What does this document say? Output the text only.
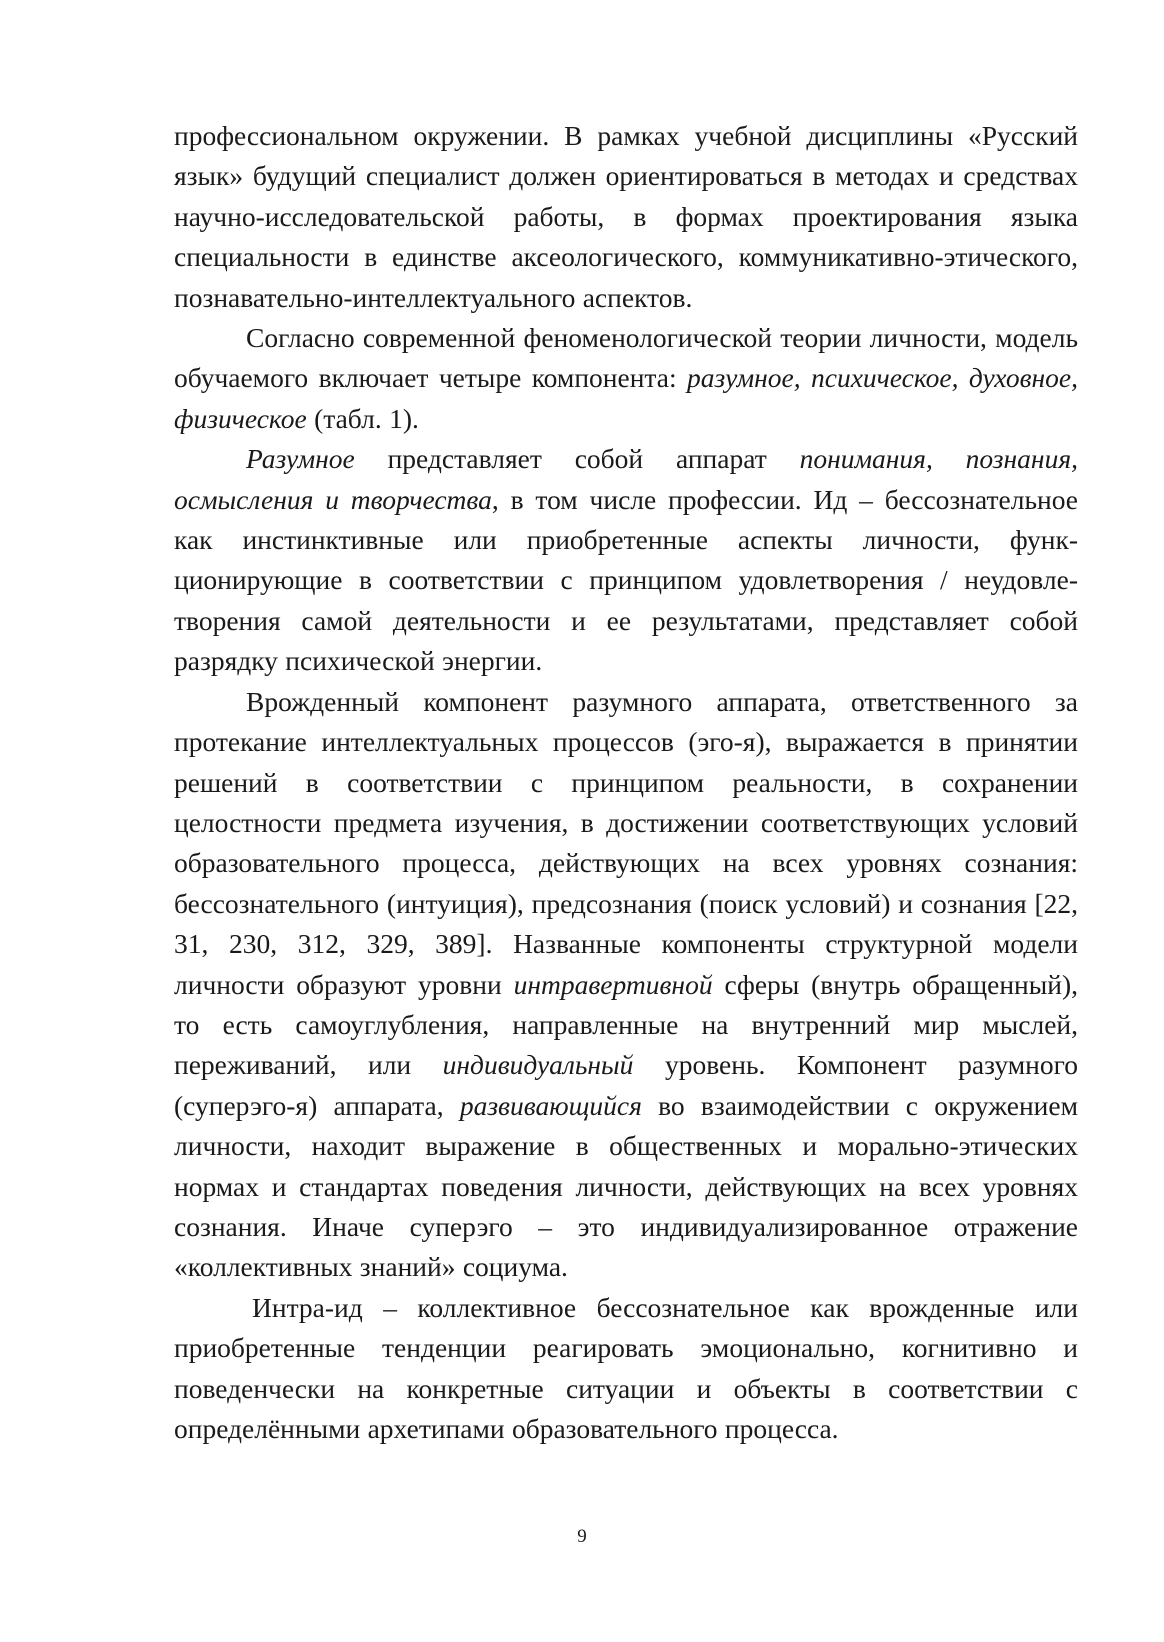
профессиональном окружении. В рамках учебной дисциплины «Русский язык» будущий специалист должен ориентироваться в методах и средствах научно-исследовательской работы, в формах проектирования языка специальности в единстве аксеологического, коммуникативно-этического, познавательно-интеллектуального аспектов.

Согласно современной феноменологической теории личности, модель обучаемого включает четыре компонента: разумное, психическое, духовное, физическое (табл. 1).

Разумное представляет собой аппарат понимания, познания, осмысления и творчества, в том числе профессии. Ид – бессознательное как инстинктивные или приобретенные аспекты личности, функционирующие в соответствии с принципом удовлетворения / неудовлетворения самой деятельности и ее результатами, представляет собой разрядку психической энергии.

Врожденный компонент разумного аппарата, ответственного за протекание интеллектуальных процессов (эго-я), выражается в принятии решений в соответствии с принципом реальности, в сохранении целостности предмета изучения, в достижении соответствующих условий образовательного процесса, действующих на всех уровнях сознания: бессознательного (интуиция), предсознания (поиск условий) и сознания [22, 31, 230, 312, 329, 389]. Названные компоненты структурной модели личности образуют уровни интравертивной сферы (внутрь обращенный), то есть самоуглубления, направленные на внутренний мир мыслей, переживаний, или индивидуальный уровень. Компонент разумного (суперэго-я) аппарата, развивающийся во взаимодействии с окружением личности, находит выражение в общественных и морально-этических нормах и стандартах поведения личности, действующих на всех уровнях сознания. Иначе суперэго – это индивидуализированное отражение «коллективных знаний» социума.

Интра-ид – коллективное бессознательное как врожденные или приобретенные тенденции реагировать эмоционально, когнитивно и поведенчески на конкретные ситуации и объекты в соответствии с определёнными архетипами образовательного процесса.

9
